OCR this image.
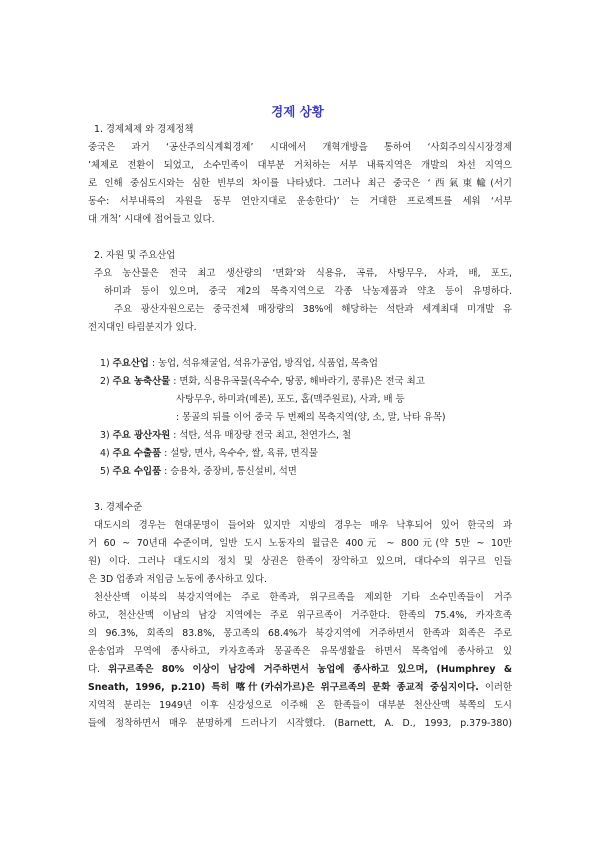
경제 상황
1. 경제체제 와 경제정책
중국은 과거 ‘공산주의식계획경제’ 시대에서 개혁개방을 통하여 ‘사회주의식시장경제
’체제로 전환이 되었고, 소수민족이 대부분 거처하는 서부 내륙지역은 개발의 차선 지역으
로 인해 중심도시와는 심한 빈부의 차이를 나타냈다. 그러나 최근 중국은 ‘西氣東輸(서기
동수: 서부내륙의 자원을 동부 연안지대로 운송한다)’ 는 거대한 프로젝트를 세워 ‘서부
대 개척’ 시대에 접어들고 있다.
2. 자원 및 주요산업
주요 농산물은 전국 최고 생산량의 ‘면화’와 식용유, 곡류, 사탕무우, 사과, 배, 포도,
하미과 등이 있으며, 중국 제2의 목축지역으로 각종 낙농제품과 약초 등이 유명하다.
주요 광산자원으로는 중국전체 매장량의 38%에 해당하는 석탄과 세계최대 미개발 유
전지대인 타림분지가 있다.
1) 주요산업 : 농업, 석유채굴업, 석유가공업, 방직업, 식품업, 목축업
2) 주요 농축산물 : 면화, 식용유곡물(옥수수, 땅콩, 해바라기, 콩류)은 전국 최고
사탕무우, 하미과(메론), 포도, 홉(맥주원료), 사과, 배 등
: 몽골의 뒤를 이어 중국 두 번째의 목축지역(양, 소, 말, 낙타 유목)
3) 주요 광산자원 : 석탄, 석유 매장량 전국 최고, 천연가스, 철
4) 주요 수출품 : 설탕, 면사, 옥수수, 쌀, 육류, 면직물
5) 주요 수입품 : 승용차, 중장비, 통신설비, 석면
3. 경제수준
대도시의 경우는 현대문명이 들어와 있지만 지방의 경우는 매우 낙후되어 있어 한국의 과
거 60 ~ 70년대 수준이며, 일반 도시 노동자의 월급은 400元 ~ 800元(약 5만 ~ 10만
원) 이다. 그러나 대도시의 정치 및 상권은 한족이 장악하고 있으며, 대다수의 위구르 인들
은 3D 업종과 저임금 노동에 종사하고 있다.
천산산맥 이북의 북강지역에는 주로 한족과, 위구르족을 제외한 기타 소수민족들이 거주
하고, 천산산맥 이남의 남강 지역에는 주로 위구르족이 거주한다. 한족의 75.4%, 카자흐족
의 96.3%, 회족의 83.8%, 몽고족의 68.4%가 북강지역에 거주하면서 한족과 회족은 주로
운송업과 무역에 종사하고, 카자흐족과 몽골족은 유목생활을 하면서 목축업에 종사하고 있
다. 위구르족은 80% 이상이 남강에 거주하면서 농업에 종사하고 있으며, (Humphrey &
Sneath, 1996, p.210) 특히 喀什(카쉬가르)은 위구르족의 문화 종교적 중심지이다. 이러한
지역적 분리는 1949년 이후 신강성으로 이주해 온 한족들이 대부분 천산산맥 북쪽의 도시
들에 정착하면서 매우 분명하게 드러나기 시작했다. (Barnett, A. D., 1993, p.379-380)
